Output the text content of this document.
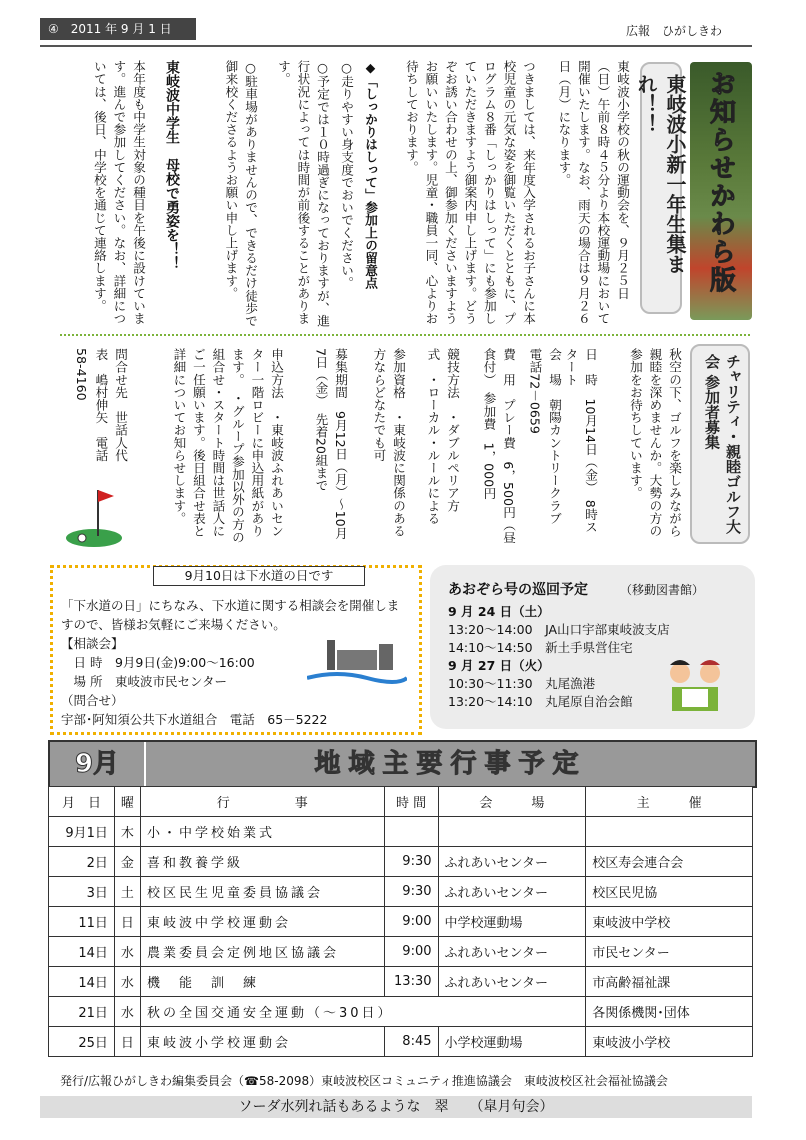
④　2011 年 9 月 1 日	広報　ひがしきわ
お知らせかわら版
東岐波小新一年生集まれ！！
東岐波小学校の秋の運動会を、９月２５日（日）午前８時４５分より本校運動場において開催いたします。なお、雨天の場合は９月２６日（月）になります。
つきましては、来年度入学されるお子さんに本校児童の元気な姿を御覧いただくとともに、プログラム８番「しっかりはしって」にも参加していただきますよう御案内申し上げます。どうぞお誘い合わせの上、御参加くださいますようお願いいたします。児童・職員一同、心よりお待ちしております。
◆「しっかりはしって」参加上の留意点
○走りやすい身支度でおいでください。
○予定では１０時過ぎになっておりますが、進行状況によっては時間が前後することがあります。
○駐車場がありませんので、できるだけ徒歩で御来校くださるようお願い申し上げます。
東岐波中学生　母校で勇姿を！！
本年度も中学生対象の種目を午後に設けています。進んで参加してください。なお、詳細については、後日、中学校を通じて連絡します。
チャリティ・親睦ゴルフ大会 参加者募集
秋空の下、ゴルフを楽しみながら親睦を深めませんか。大勢の方の参加をお待ちしています。
日　時　10月14日（金）　8時スタート
会　場　朝陽カントリークラブ　電話72－0659
費　用　プレー費　6，500円（昼食付）　参加費　1，000円
競技方法　・ダブルペリア方式　・ローカル・ルールによる
参加資格　・東岐波に関係のある方ならどなたでも可
募集期間　9月12日（月）～10月7日（金）　先着20組まで
申込方法　・東岐波ふれあいセンター一階ロビーに申込用紙があります。　・グループ参加以外の方の組合せ・スタート時間は世話人にご一任願います。後日組合せ表と詳細についてお知らせします。
問合せ先　世話人代表　嶋村伸矢　電話　58-4160
9月10日は下水道の日です
「下水道の日」にちなみ、下水道に関する相談会を開催しま
すので、皆様お気軽にご来場ください。
【相談会】
　日 時　9月9日(金)9:00～16:00
　場 所　東岐波市民センター
（問合せ）
宇部･阿知須公共下水道組合　電話　65－5222
あおぞら号の巡回予定	（移動図書館）
9 月 24 日（土）
13:20～14:00　 JA山口宇部東岐波支店
14:10～14:50　 新土手県営住宅
9 月 27 日（火）
10:30～11:30　 丸尾漁港
13:20～14:10　 丸尾原自治会館
9月	地域主要行事予定
月　日	曜	行　　　　　事	時 間	会　　　場	主　　　催
9月1日	木	小・中学校始業式			
2日	金	喜和教養学級	9:30	ふれあいセンター	校区寿会連合会
3日	土	校区民生児童委員協議会	9:30	ふれあいセンター	校区民児協
11日	日	東岐波中学校運動会	9:00	中学校運動場	東岐波中学校
14日	水	農業委員会定例地区協議会	9:00	ふれあいセンター	市民センター
14日	水	機　能　訓　練	13:30	ふれあいセンター	市高齢福祉課
21日	水	秋の全国交通安全運動（～30日）			各関係機関･団体
25日	日	東岐波小学校運動会	8:45	小学校運動場	東岐波小学校
発行/広報ひがしきわ編集委員会（☎58-2098）東岐波校区コミュニティ推進協議会　東岐波校区社会福祉協議会
ソーダ水列れ話もあるような　翠　　（皐月句会）
